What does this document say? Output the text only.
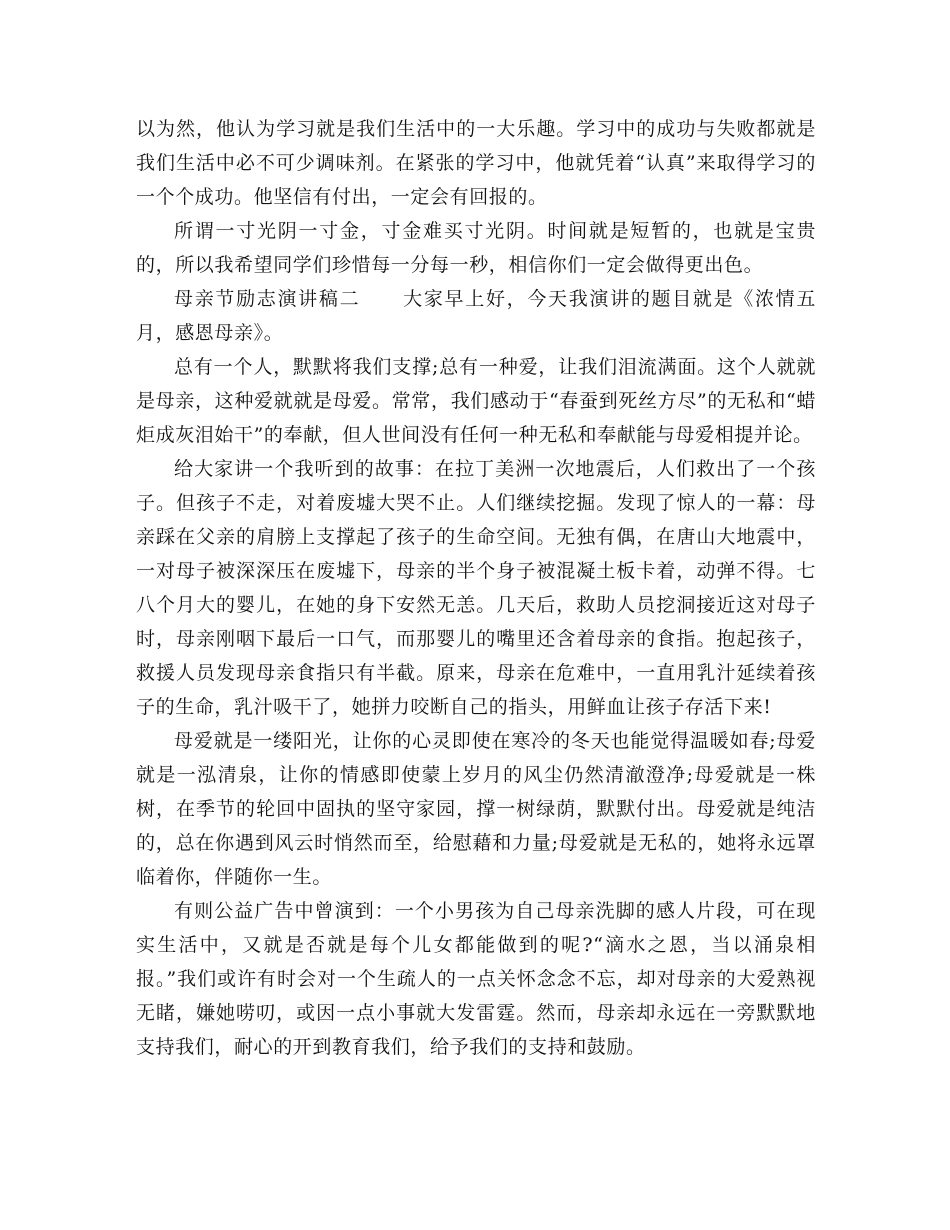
以为然，他认为学习就是我们生活中的一大乐趣。学习中的成功与失败都就是我们生活中必不可少调味剂。在紧张的学习中，他就凭着“认真”来取得学习的一个个成功。他坚信有付出，一定会有回报的。

所谓一寸光阴一寸金，寸金难买寸光阴。时间就是短暂的，也就是宝贵的，所以我希望同学们珍惜每一分每一秒，相信你们一定会做得更出色。

母亲节励志演讲稿二 大家早上好，今天我演讲的题目就是《浓情五月，感恩母亲》。

总有一个人，默默将我们支撑;总有一种爱，让我们泪流满面。这个人就就是母亲，这种爱就就是母爱。常常，我们感动于“春蚕到死丝方尽”的无私和“蜡炬成灰泪始干”的奉献，但人世间没有任何一种无私和奉献能与母爱相提并论。

给大家讲一个我听到的故事：在拉丁美洲一次地震后，人们救出了一个孩子。但孩子不走，对着废墟大哭不止。人们继续挖掘。发现了惊人的一幕：母亲踩在父亲的肩膀上支撑起了孩子的生命空间。无独有偶，在唐山大地震中，一对母子被深深压在废墟下，母亲的半个身子被混凝土板卡着，动弹不得。七八个月大的婴儿，在她的身下安然无恙。几天后，救助人员挖洞接近这对母子时，母亲刚咽下最后一口气，而那婴儿的嘴里还含着母亲的食指。抱起孩子，救援人员发现母亲食指只有半截。原来，母亲在危难中，一直用乳汁延续着孩子的生命，乳汁吸干了，她拼力咬断自己的指头，用鲜血让孩子存活下来!

母爱就是一缕阳光，让你的心灵即使在寒冷的冬天也能觉得温暖如春;母爱就是一泓清泉，让你的情感即使蒙上岁月的风尘仍然清澈澄净;母爱就是一株树，在季节的轮回中固执的坚守家园，撑一树绿荫，默默付出。母爱就是纯洁的，总在你遇到风云时悄然而至，给慰藉和力量;母爱就是无私的，她将永远罩临着你，伴随你一生。

有则公益广告中曾演到：一个小男孩为自己母亲洗脚的感人片段，可在现实生活中，又就是否就是每个儿女都能做到的呢?“滴水之恩，当以涌泉相报。”我们或许有时会对一个生疏人的一点关怀念念不忘，却对母亲的大爱熟视无睹，嫌她唠叨，或因一点小事就大发雷霆。然而，母亲却永远在一旁默默地支持我们，耐心的开到教育我们，给予我们的支持和鼓励。
